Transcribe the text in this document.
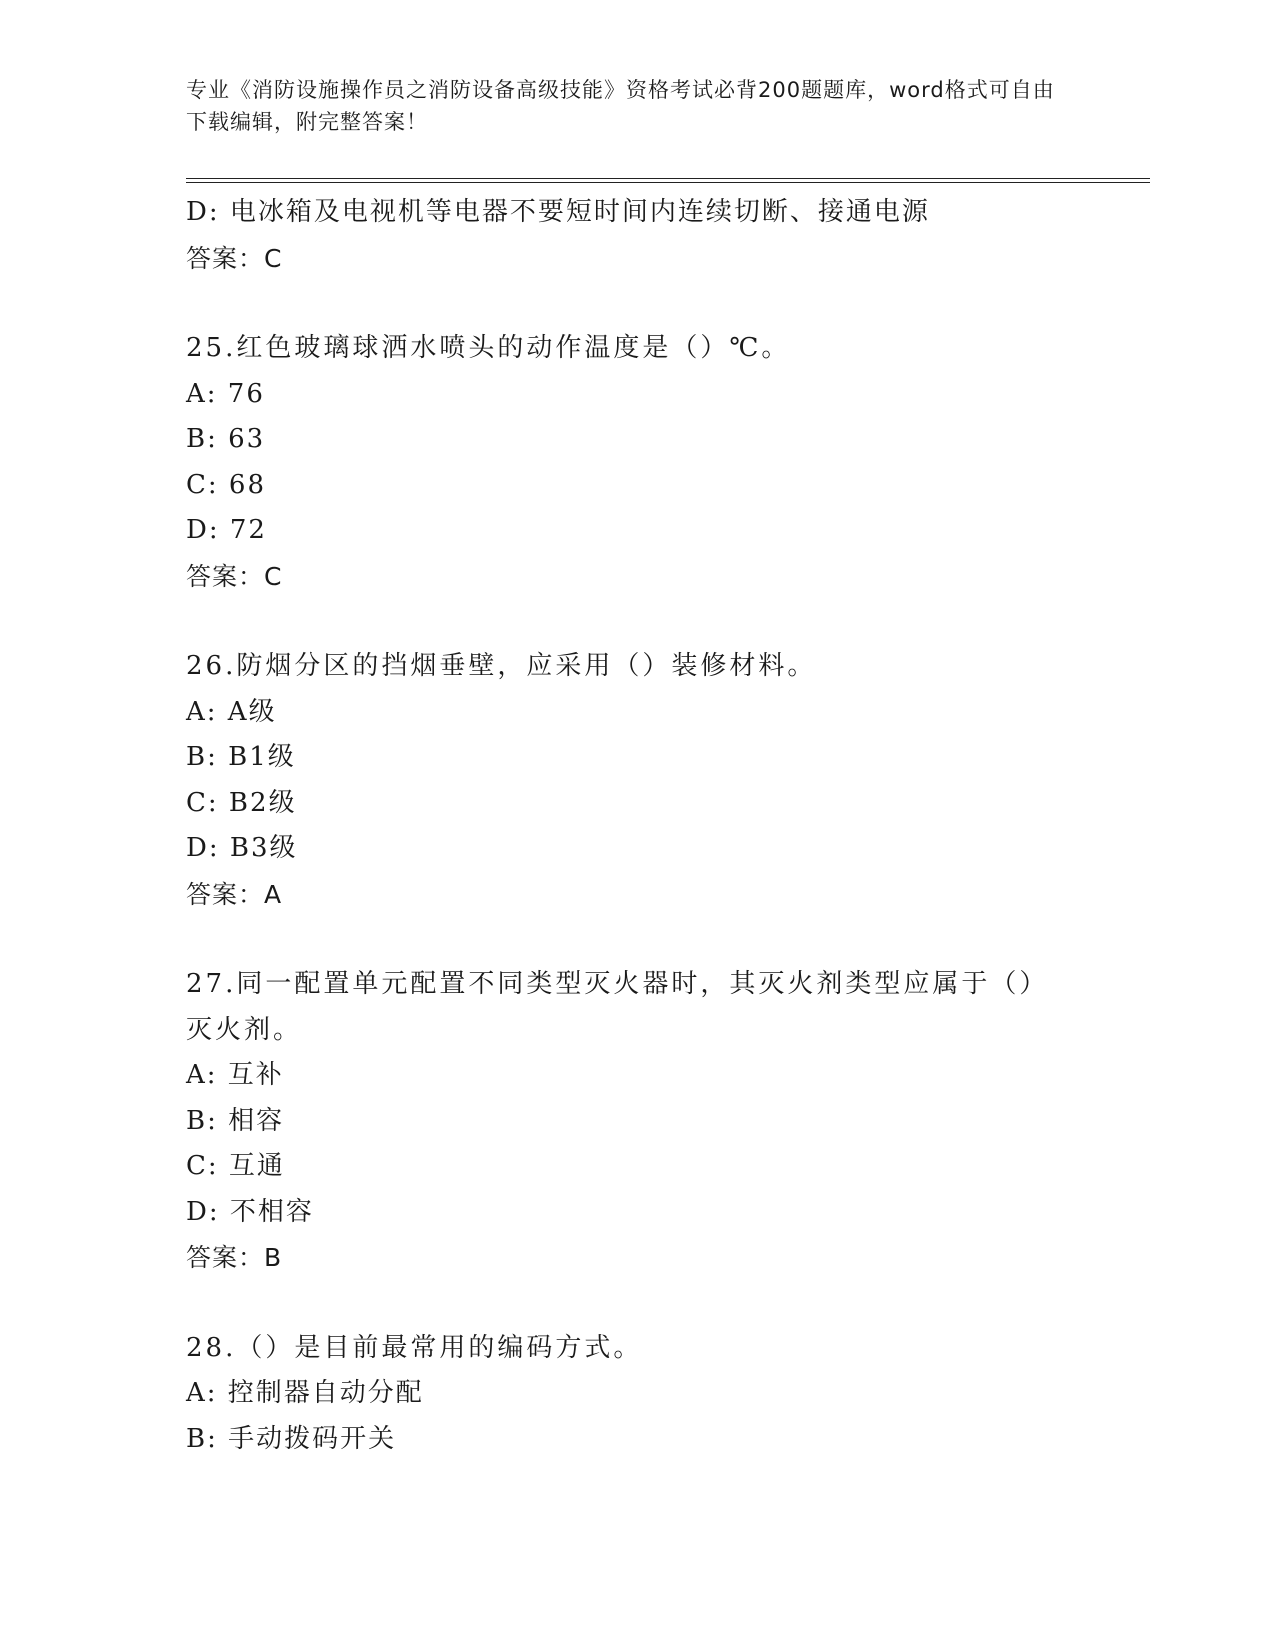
专业《消防设施操作员之消防设备高级技能》资格考试必背200题题库，word格式可自由下载编辑，附完整答案！
D: 电冰箱及电视机等电器不要短时间内连续切断、接通电源
答案：C
25.红色玻璃球洒水喷头的动作温度是（）℃。
A: 76
B: 63
C: 68
D: 72
答案：C
26.防烟分区的挡烟垂壁，应采用（）装修材料。
A: A级
B: B1级
C: B2级
D: B3级
答案：A
27.同一配置单元配置不同类型灭火器时，其灭火剂类型应属于（）灭火剂。
A: 互补
B: 相容
C: 互通
D: 不相容
答案：B
28.（）是目前最常用的编码方式。
A: 控制器自动分配
B: 手动拨码开关
